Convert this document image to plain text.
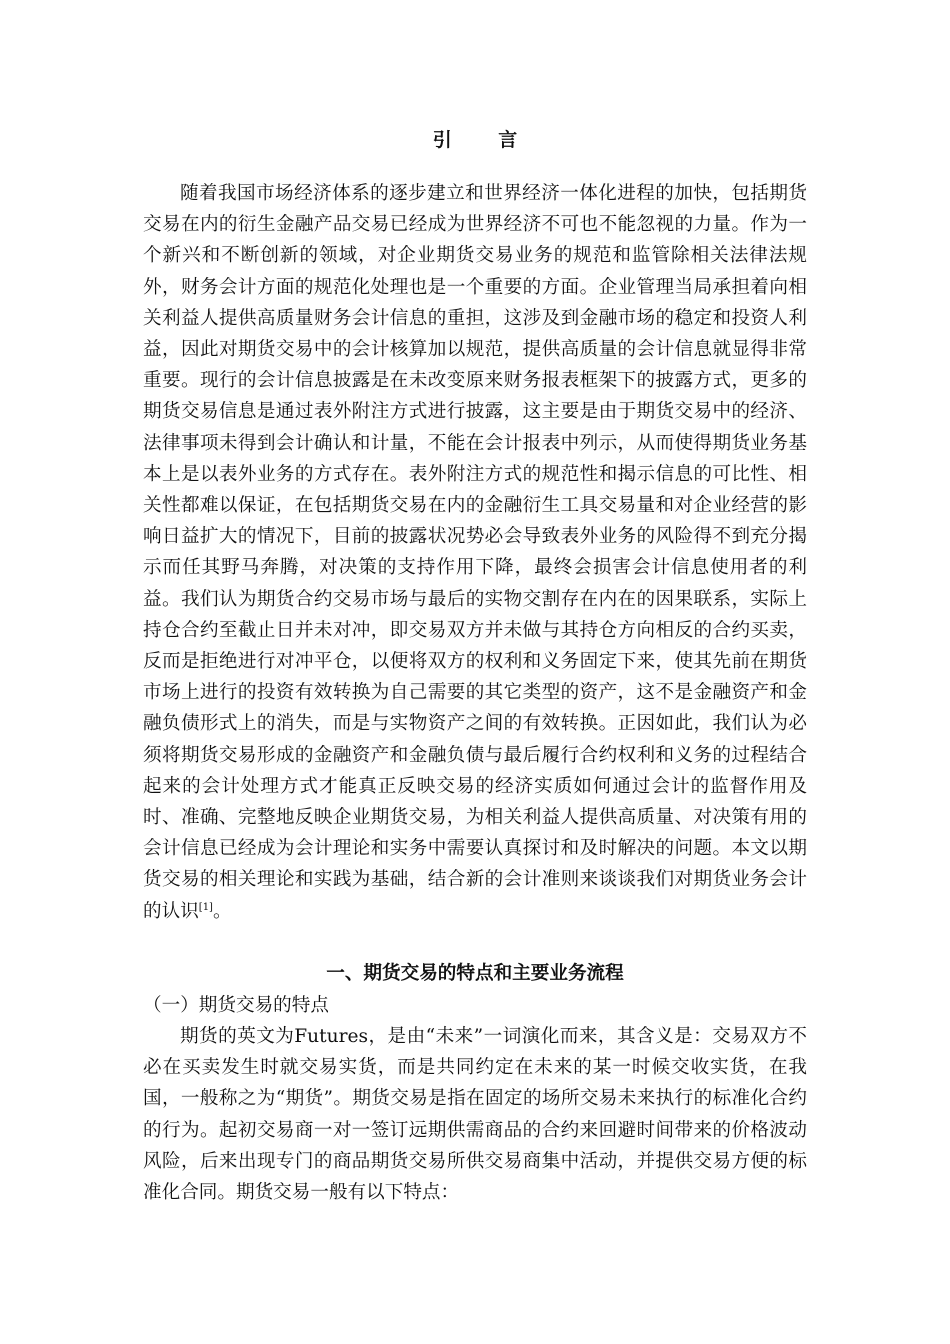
引 言

随着我国市场经济体系的逐步建立和世界经济一体化进程的加快，包括期货交易在内的衍生金融产品交易已经成为世界经济不可也不能忽视的力量。作为一个新兴和不断创新的领域，对企业期货交易业务的规范和监管除相关法律法规外，财务会计方面的规范化处理也是一个重要的方面。企业管理当局承担着向相关利益人提供高质量财务会计信息的重担，这涉及到金融市场的稳定和投资人利益，因此对期货交易中的会计核算加以规范，提供高质量的会计信息就显得非常重要。现行的会计信息披露是在未改变原来财务报表框架下的披露方式，更多的期货交易信息是通过表外附注方式进行披露，这主要是由于期货交易中的经济、法律事项未得到会计确认和计量，不能在会计报表中列示，从而使得期货业务基本上是以表外业务的方式存在。表外附注方式的规范性和揭示信息的可比性、相关性都难以保证，在包括期货交易在内的金融衍生工具交易量和对企业经营的影响日益扩大的情况下，目前的披露状况势必会导致表外业务的风险得不到充分揭示而任其野马奔腾，对决策的支持作用下降，最终会损害会计信息使用者的利益。我们认为期货合约交易市场与最后的实物交割存在内在的因果联系，实际上持仓合约至截止日并未对冲，即交易双方并未做与其持仓方向相反的合约买卖，反而是拒绝进行对冲平仓，以便将双方的权利和义务固定下来，使其先前在期货市场上进行的投资有效转换为自己需要的其它类型的资产，这不是金融资产和金融负债形式上的消失，而是与实物资产之间的有效转换。正因如此，我们认为必须将期货交易形成的金融资产和金融负债与最后履行合约权利和义务的过程结合起来的会计处理方式才能真正反映交易的经济实质如何通过会计的监督作用及时、准确、完整地反映企业期货交易，为相关利益人提供高质量、对决策有用的会计信息已经成为会计理论和实务中需要认真探讨和及时解决的问题。本文以期货交易的相关理论和实践为基础，结合新的会计准则来谈谈我们对期货业务会计的认识[1]。

一、期货交易的特点和主要业务流程
（一）期货交易的特点

期货的英文为Futures，是由“未来”一词演化而来，其含义是：交易双方不必在买卖发生时就交易实货，而是共同约定在未来的某一时候交收实货，在我国，一般称之为“期货”。期货交易是指在固定的场所交易未来执行的标准化合约的行为。起初交易商一对一签订远期供需商品的合约来回避时间带来的价格波动风险，后来出现专门的商品期货交易所供交易商集中活动，并提供交易方便的标准化合同。期货交易一般有以下特点：
